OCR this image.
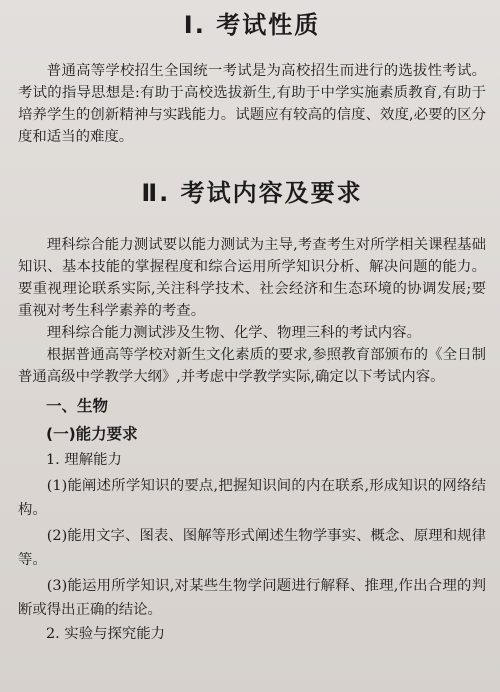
Ⅰ. 考试性质

普通高等学校招生全国统一考试是为高校招生而进行的选拔性考试。考试的指导思想是:有助于高校选拔新生,有助于中学实施素质教育,有助于培养学生的创新精神与实践能力。试题应有较高的信度、效度,必要的区分度和适当的难度。

Ⅱ. 考试内容及要求

理科综合能力测试要以能力测试为主导,考查考生对所学相关课程基础知识、基本技能的掌握程度和综合运用所学知识分析、解决问题的能力。要重视理论联系实际,关注科学技术、社会经济和生态环境的协调发展;要重视对考生科学素养的考查。

理科综合能力测试涉及生物、化学、物理三科的考试内容。

根据普通高等学校对新生文化素质的要求,参照教育部颁布的《全日制普通高级中学教学大纲》,并考虑中学教学实际,确定以下考试内容。

一、生物
(一)能力要求

1. 理解能力

(1)能阐述所学知识的要点,把握知识间的内在联系,形成知识的网络结构。

(2)能用文字、图表、图解等形式阐述生物学事实、概念、原理和规律等。

(3)能运用所学知识,对某些生物学问题进行解释、推理,作出合理的判断或得出正确的结论。

2. 实验与探究能力
